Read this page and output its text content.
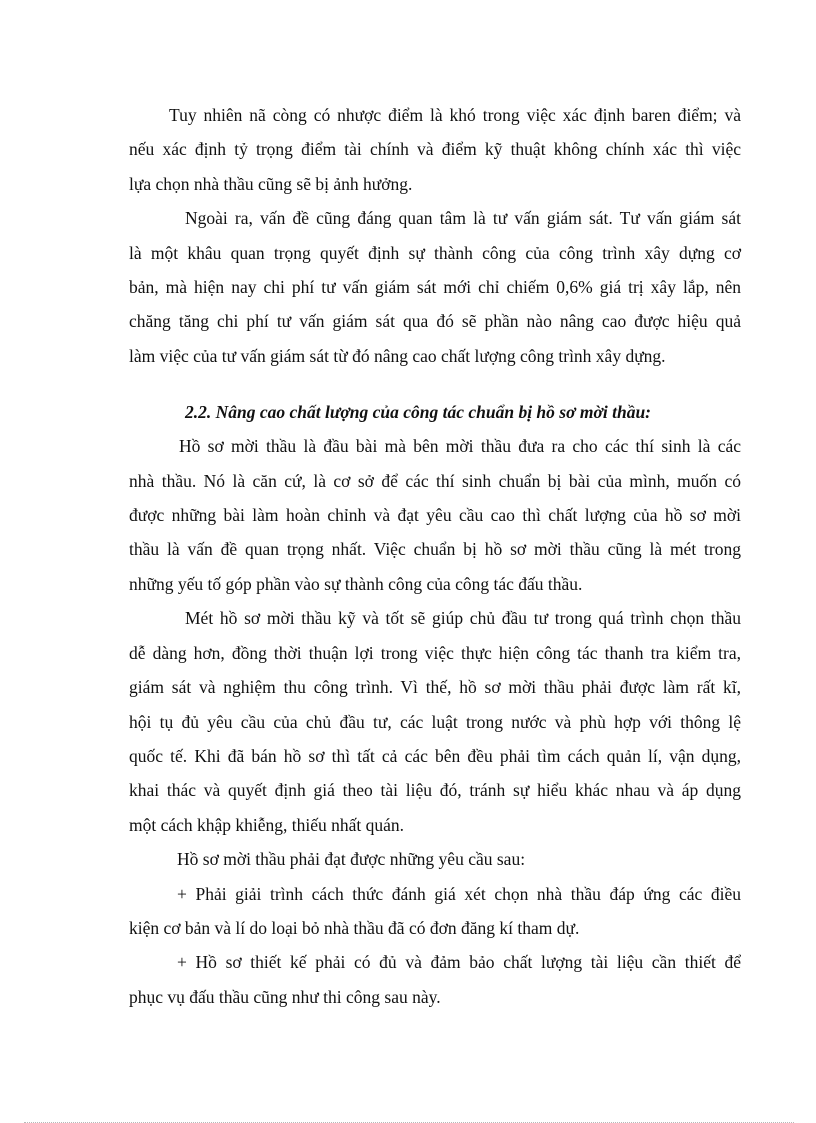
Tuy nhiên nã còng có nhược điểm là khó trong việc xác định baren điểm; và
nếu xác định tỷ trọng điểm tài chính và điểm kỹ thuật không chính xác thì việc
lựa chọn nhà thầu cũng sẽ bị ảnh hưởng.
Ngoài ra, vấn đề cũng đáng quan tâm là tư vấn giám sát. Tư vấn giám sát
là một khâu quan trọng quyết định sự thành công của công trình xây dựng cơ
bản, mà hiện nay chi phí tư vấn giám sát mới chỉ chiếm 0,6% giá trị xây lắp, nên
chăng tăng chi phí tư vấn giám sát qua đó sẽ phần nào nâng cao được hiệu quả
làm việc của tư vấn giám sát từ đó nâng cao chất lượng công trình xây dựng.

2.2. Nâng cao chất lượng của công tác chuẩn bị hồ sơ mời thầu:

Hồ sơ mời thầu là đầu bài mà bên mời thầu đưa ra cho các thí sinh là các
nhà thầu. Nó là căn cứ, là cơ sở để các thí sinh chuẩn bị bài của mình, muốn có
được những bài làm hoàn chỉnh và đạt yêu cầu cao thì chất lượng của hồ sơ mời
thầu là vấn đề quan trọng nhất. Việc chuẩn bị hồ sơ mời thầu cũng là mét trong
những yếu tố góp phần vào sự thành công của công tác đấu thầu.
Mét hồ sơ mời thầu kỹ và tốt sẽ giúp chủ đầu tư trong quá trình chọn thầu
dễ dàng hơn, đồng thời thuận lợi trong việc thực hiện công tác thanh tra kiểm tra,
giám sát và nghiệm thu công trình. Vì thế, hồ sơ mời thầu phải được làm rất kĩ,
hội tụ đủ yêu cầu của chủ đầu tư, các luật trong nước và phù hợp với thông lệ
quốc tế. Khi đã bán hồ sơ thì tất cả các bên đều phải tìm cách quản lí, vận dụng,
khai thác và quyết định giá theo tài liệu đó, tránh sự hiểu khác nhau và áp dụng
một cách khập khiễng, thiếu nhất quán.
Hồ sơ mời thầu phải đạt được những yêu cầu sau:
+ Phải giải trình cách thức đánh giá xét chọn nhà thầu đáp ứng các điều
kiện cơ bản và lí do loại bỏ nhà thầu đã có đơn đăng kí tham dự.
+ Hồ sơ thiết kế phải có đủ và đảm bảo chất lượng tài liệu cần thiết để
phục vụ đấu thầu cũng như thi công sau này.
